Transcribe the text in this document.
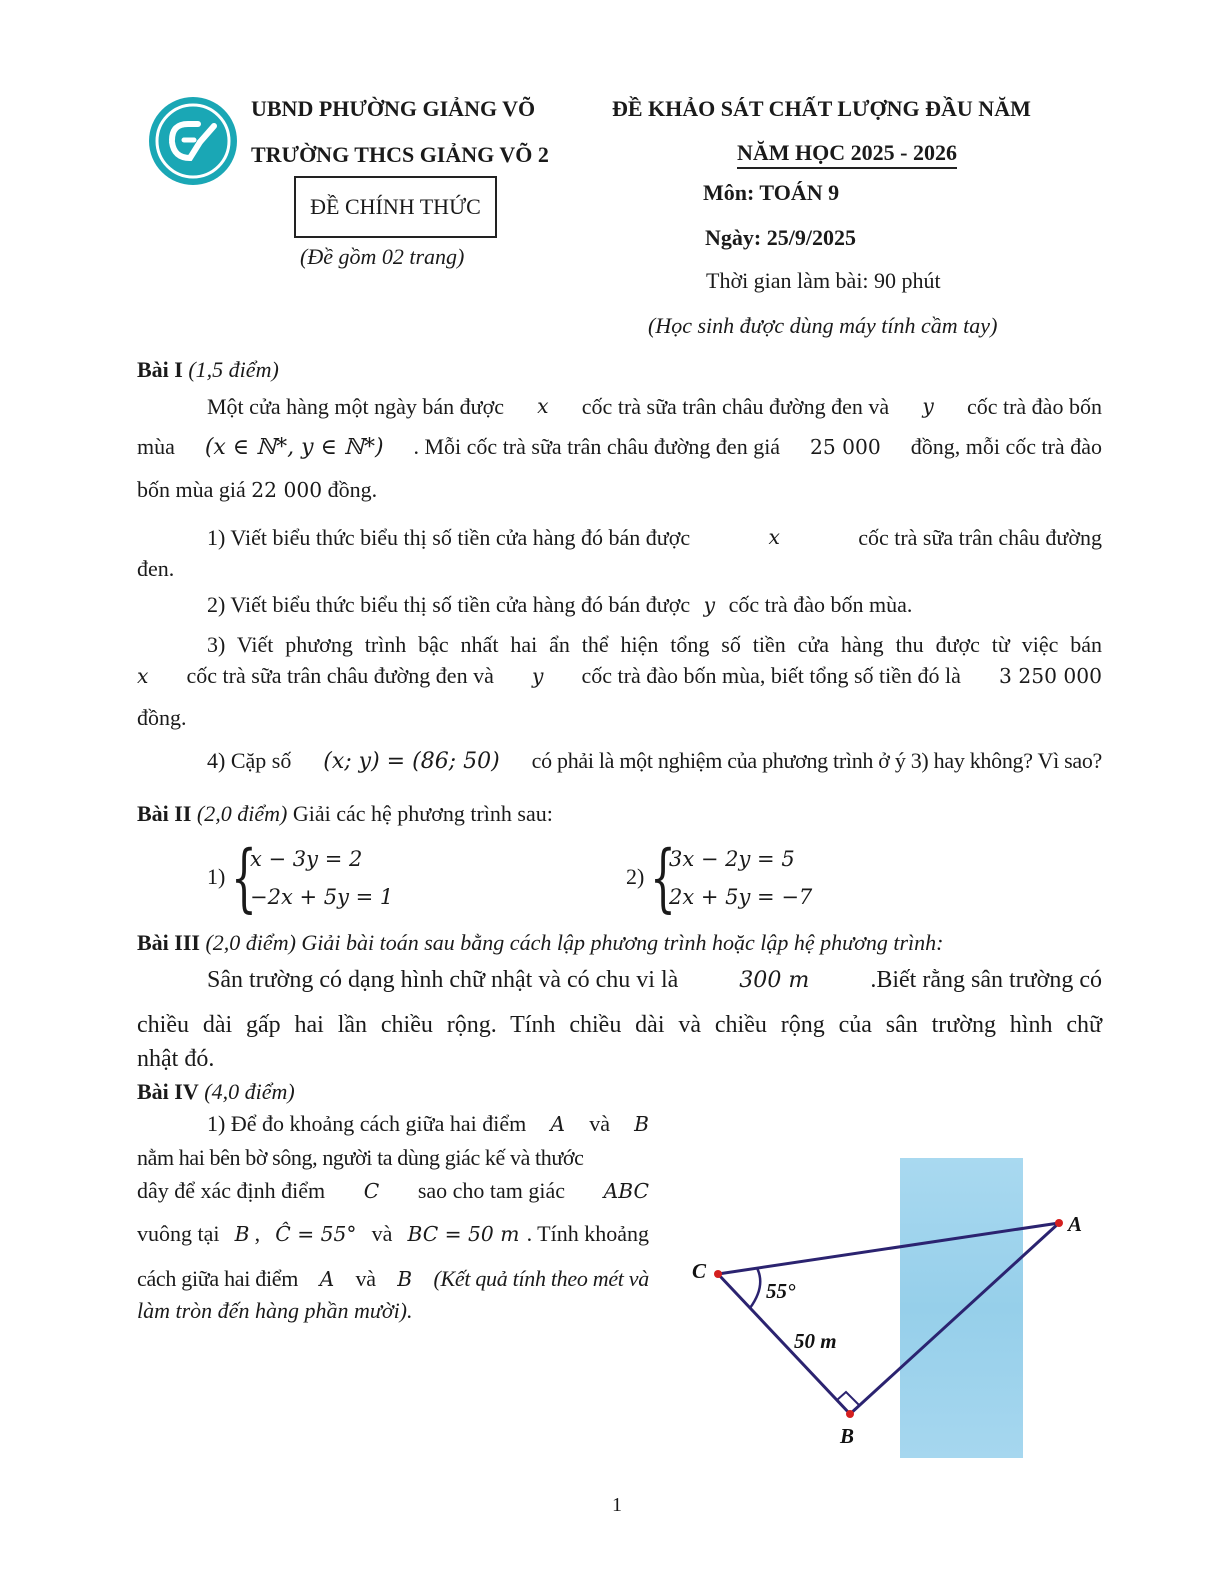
UBND PHƯỜNG GIẢNG VÕ
TRƯỜNG THCS GIẢNG VÕ 2
ĐỀ CHÍNH THỨC
(Đề gồm 02 trang)
ĐỀ KHẢO SÁT CHẤT LƯỢNG ĐẦU NĂM
NĂM HỌC 2025 - 2026
Môn: TOÁN 9
Ngày: 25/9/2025
Thời gian làm bài: 90 phút
(Học sinh được dùng máy tính cầm tay)
Bài I (1,5 điểm)
Một cửa hàng một ngày bán được x cốc trà sữa trân châu đường đen và y cốc trà đào bốn
mùa (x ∈ ℕ*, y ∈ ℕ*) . Mỗi cốc trà sữa trân châu đường đen giá 25 000 đồng, mỗi cốc trà đào
bốn mùa giá 22 000 đồng.
1) Viết biểu thức biểu thị số tiền cửa hàng đó bán được	x	cốc trà sữa trân châu đường
đen.
2) Viết biểu thức biểu thị số tiền cửa hàng đó bán được y cốc trà đào bốn mùa.
3) Viết phương trình bậc nhất hai ẩn thể hiện tổng số tiền cửa hàng thu được từ việc bán
x cốc trà sữa trân châu đường đen và y cốc trà đào bốn mùa, biết tổng số tiền đó là 3 250 000
đồng.
4) Cặp số (x; y) = (86; 50) có phải là một nghiệm của phương trình ở ý 3) hay không? Vì sao?
Bài II (2,0 điểm) Giải các hệ phương trình sau:
1) {
x − 3y = 2
−2x + 5y = 1
2) {
3x − 2y = 5
2x + 5y = −7
Bài III (2,0 điểm) Giải bài toán sau bằng cách lập phương trình hoặc lập hệ phương trình:
Sân trường có dạng hình chữ nhật và có chu vi là	300 m	.Biết rằng sân trường có
chiều dài gấp hai lần chiều rộng. Tính chiều dài và chiều rộng của sân trường hình chữ
nhật đó.
Bài IV (4,0 điểm)
1) Để đo khoảng cách giữa hai điểm A và B
nằm hai bên bờ sông, người ta dùng giác kế và thước
dây để xác định điểm C sao cho tam giác ABC
vuông tại B , Ĉ = 55° và BC = 50 m . Tính khoảng
cách giữa hai điểm A và B (Kết quả tính theo mét và
làm tròn đến hàng phần mười).
A
B
C
55°
50 m
1
